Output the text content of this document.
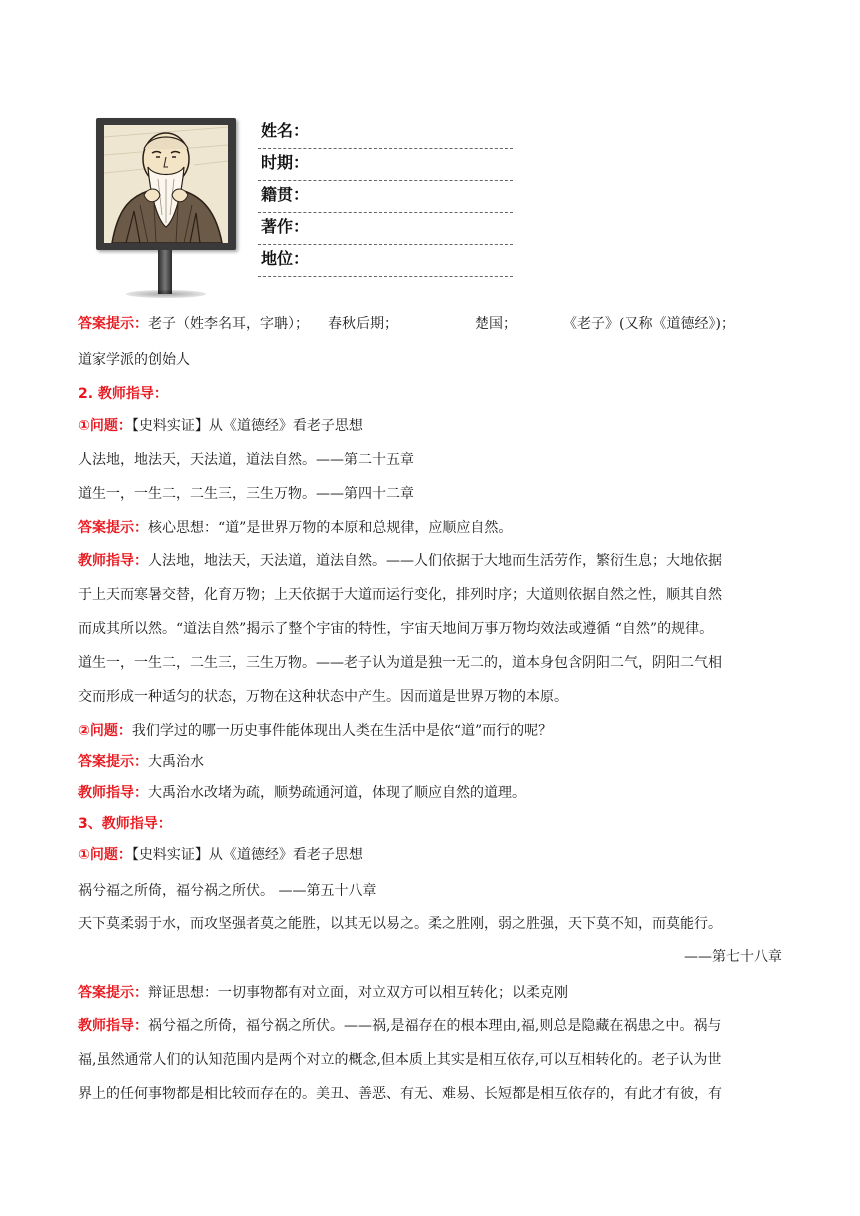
姓名：
时期：
籍贯：
著作：
地位：
答案提示：老子（姓李名耳，字聃）； 春秋后期；	楚国；	《老子》(又称《道德经》)；
道家学派的创始人
2. 教师指导：
①问题：【史料实证】从《道德经》看老子思想
人法地，地法天，天法道，道法自然。——第二十五章
道生一，一生二，二生三，三生万物。——第四十二章
答案提示：核心思想：“道”是世界万物的本原和总规律，应顺应自然。
教师指导：人法地，地法天，天法道，道法自然。——人们依据于大地而生活劳作，繁衍生息；大地依据
于上天而寒暑交替，化育万物；上天依据于大道而运行变化，排列时序；大道则依据自然之性，顺其自然
而成其所以然。“道法自然”揭示了整个宇宙的特性，宇宙天地间万事万物均效法或遵循 “自然”的规律。
道生一，一生二，二生三，三生万物。——老子认为道是独一无二的，道本身包含阴阳二气，阴阳二气相
交而形成一种适匀的状态，万物在这种状态中产生。因而道是世界万物的本原。
②问题：我们学过的哪一历史事件能体现出人类在生活中是依“道”而行的呢？
答案提示：大禹治水
教师指导：大禹治水改堵为疏，顺势疏通河道，体现了顺应自然的道理。
3、教师指导：
①问题：【史料实证】从《道德经》看老子思想
祸兮福之所倚，福兮祸之所伏。 ——第五十八章
天下莫柔弱于水，而攻坚强者莫之能胜，以其无以易之。柔之胜刚，弱之胜强，天下莫不知，而莫能行。
——第七十八章
答案提示：辩证思想：一切事物都有对立面，对立双方可以相互转化；以柔克刚
教师指导：祸兮福之所倚，福兮祸之所伏。——祸,是福存在的根本理由,福,则总是隐藏在祸患之中。祸与
福,虽然通常人们的认知范围内是两个对立的概念,但本质上其实是相互依存,可以互相转化的。老子认为世
界上的任何事物都是相比较而存在的。美丑、善恶、有无、难易、长短都是相互依存的，有此才有彼，有
